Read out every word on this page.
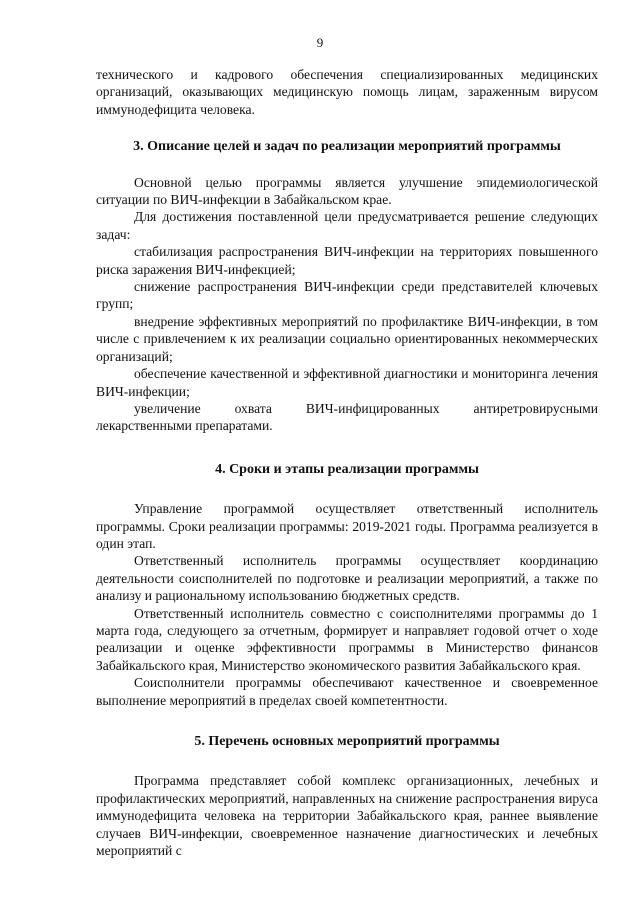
9

технического и кадрового обеспечения специализированных медицинских организаций, оказывающих медицинскую помощь лицам, зараженным вирусом иммунодефицита человека.

3. Описание целей и задач по реализации мероприятий программы

Основной целью программы является улучшение эпидемиологической ситуации по ВИЧ-инфекции в Забайкальском крае.

Для достижения поставленной цели предусматривается решение следующих задач:

стабилизация распространения ВИЧ-инфекции на территориях повышенного риска заражения ВИЧ-инфекцией;

снижение распространения ВИЧ-инфекции среди представителей ключевых групп;

внедрение эффективных мероприятий по профилактике ВИЧ-инфекции, в том числе с привлечением к их реализации социально ориентированных некоммерческих организаций;

обеспечение качественной и эффективной диагностики и мониторинга лечения ВИЧ-инфекции;

увеличение охвата ВИЧ-инфицированных антиретровирусными лекарственными препаратами.

4. Сроки и этапы реализации программы

Управление программой осуществляет ответственный исполнитель программы. Сроки реализации программы: 2019-2021 годы. Программа реализуется в один этап.

Ответственный исполнитель программы осуществляет координацию деятельности соисполнителей по подготовке и реализации мероприятий, а также по анализу и рациональному использованию бюджетных средств.

Ответственный исполнитель совместно с соисполнителями программы до 1 марта года, следующего за отчетным, формирует и направляет годовой отчет о ходе реализации и оценке эффективности программы в Министерство финансов Забайкальского края, Министерство экономического развития Забайкальского края.

Соисполнители программы обеспечивают качественное и своевременное выполнение мероприятий в пределах своей компетентности.

5. Перечень основных мероприятий программы

Программа представляет собой комплекс организационных, лечебных и профилактических мероприятий, направленных на снижение распространения вируса иммунодефицита человека на территории Забайкальского края, раннее выявление случаев ВИЧ-инфекции, своевременное назначение диагностических и лечебных мероприятий с
